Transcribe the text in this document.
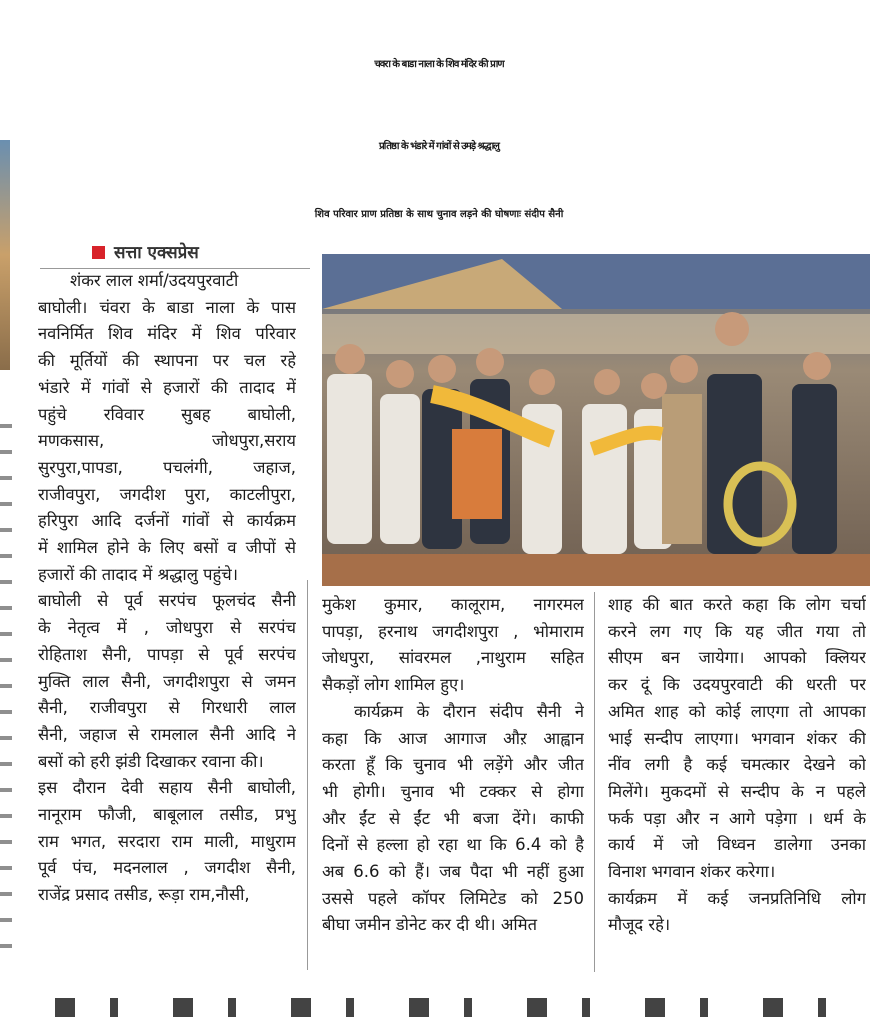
चवरा के बाडा नाला के शिव मंदिर की प्राण
प्रतिष्ठा के भंडारे में गांवों से उमड़े श्रद्धालु
शिव परिवार प्राण प्रतिष्ठा के साथ चुनाव लड़ने की घोषणाः संदीप सैनी
सत्ता एक्सप्रेस
शंकर लाल शर्मा/उदयपुरवाटी
बाघोली। चंवरा के बाडा नाला के पास
नवनिर्मित शिव मंदिर में शिव परिवार
की मूर्तियों की स्थापना पर चल रहे
भंडारे में गांवों से हजारों की तादाद में
पहुंचे रविवार सुबह बाघोली,
मणकसास, जोधपुरा,सराय
सुरपुरा,पापडा, पचलंगी, जहाज,
राजीवपुरा, जगदीश पुरा, काटलीपुरा,
हरिपुरा आदि दर्जनों गांवों से कार्यक्रम
में शामिल होने के लिए बसों व जीपों से
हजारों की तादाद में श्रद्धालु पहुंचे।
बाघोली से पूर्व सरपंच फूलचंद सैनी
के नेतृत्व में , जोधपुरा से सरपंच
रोहिताश सैनी, पापड़ा से पूर्व सरपंच
मुक्ति लाल सैनी, जगदीशपुरा से जमन
सैनी, राजीवपुरा से गिरधारी लाल
सैनी, जहाज से रामलाल सैनी आदि ने
बसों को हरी झंडी दिखाकर रवाना की।
इस दौरान देवी सहाय सैनी बाघोली,
नानूराम फौजी, बाबूलाल तसीड, प्रभु
राम भगत, सरदारा राम माली, माधुराम
पूर्व पंच, मदनलाल , जगदीश सैनी,
राजेंद्र प्रसाद तसीड, रूड़ा राम,नौसी,
मुकेश कुमार, कालूराम, नागरमल
पापड़ा, हरनाथ जगदीशपुरा , भोमाराम
जोधपुरा, सांवरमल ,नाथुराम सहित
सैकड़ों लोग शामिल हुए।
कार्यक्रम के दौरान संदीप सैनी ने
कहा कि आज आगाज औऱ आह्वान
करता हूँ कि चुनाव भी लड़ेंगे और जीत
भी होगी। चुनाव भी टक्कर से होगा
और ईंट से ईंट भी बजा देंगे। काफी
दिनों से हल्ला हो रहा था कि 6.4 को है
अब 6.6 को हैं। जब पैदा भी नहीं हुआ
उससे पहले कॉपर लिमिटेड को 250
बीघा जमीन डोनेट कर दी थी। अमित
शाह की बात करते कहा कि लोग चर्चा
करने लग गए कि यह जीत गया तो
सीएम बन जायेगा। आपको क्लियर
कर दूं कि उदयपुरवाटी की धरती पर
अमित शाह को कोई लाएगा तो आपका
भाई सन्दीप लाएगा। भगवान शंकर की
नींव लगी है कई चमत्कार देखने को
मिलेंगे। मुकदमों से सन्दीप के न पहले
फर्क पड़ा और न आगे पड़ेगा । धर्म के
कार्य में जो विध्वन डालेगा उनका
विनाश भगवान शंकर करेगा।
कार्यक्रम में कई जनप्रतिनिधि लोग
मौजूद रहे।
